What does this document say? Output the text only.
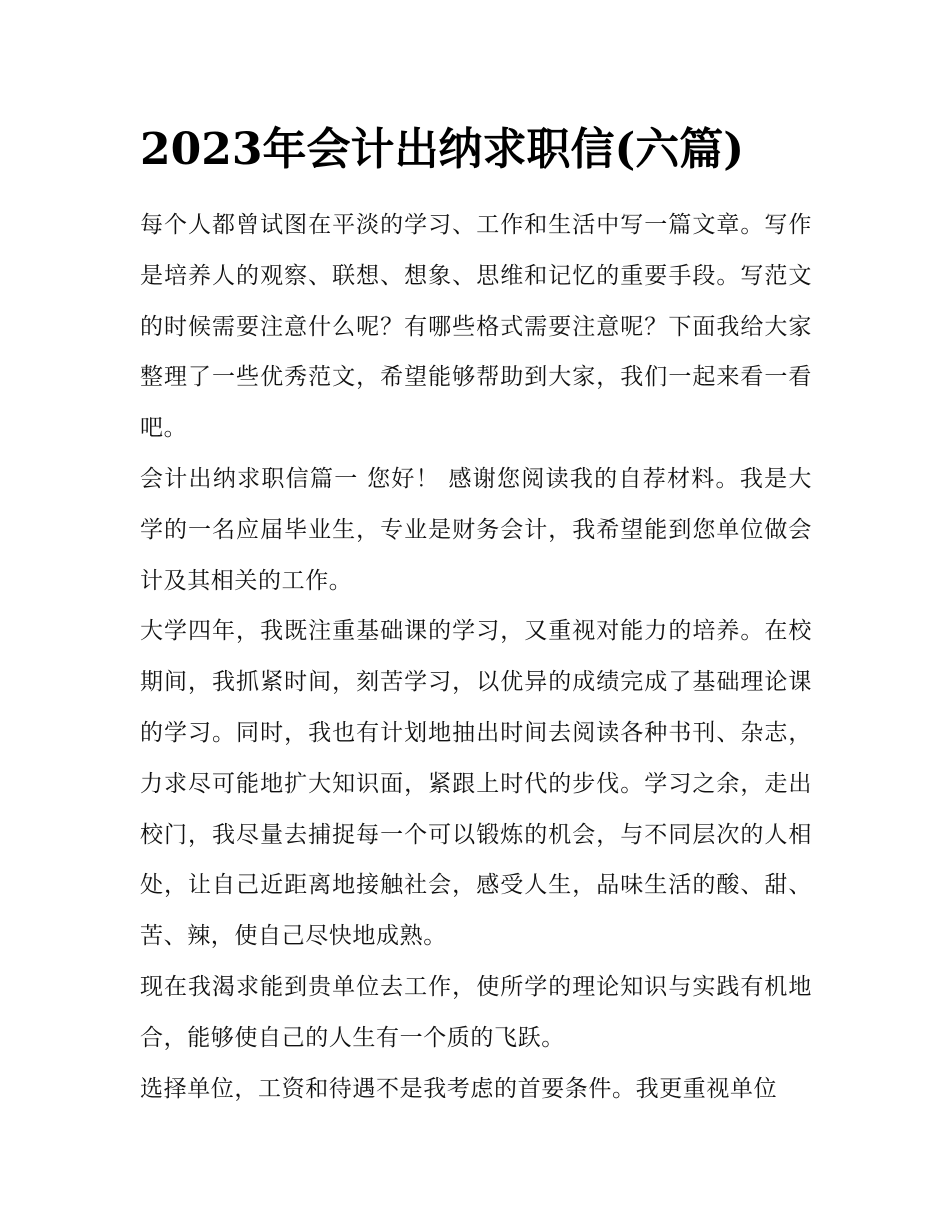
2023年会计出纳求职信(六篇)

每个人都曾试图在平淡的学习、工作和生活中写一篇文章。写作是培养人的观察、联想、想象、思维和记忆的重要手段。写范文的时候需要注意什么呢？有哪些格式需要注意呢？下面我给大家整理了一些优秀范文，希望能够帮助到大家，我们一起来看一看吧。

会计出纳求职信篇一 您好！ 感谢您阅读我的自荐材料。我是大学的一名应届毕业生，专业是财务会计，我希望能到您单位做会计及其相关的工作。

大学四年，我既注重基础课的学习，又重视对能力的培养。在校期间，我抓紧时间，刻苦学习，以优异的成绩完成了基础理论课的学习。同时，我也有计划地抽出时间去阅读各种书刊、杂志，力求尽可能地扩大知识面，紧跟上时代的步伐。学习之余，走出校门，我尽量去捕捉每一个可以锻炼的机会，与不同层次的人相处，让自己近距离地接触社会，感受人生，品味生活的酸、甜、苦、辣，使自己尽快地成熟。

现在我渴求能到贵单位去工作，使所学的理论知识与实践有机地合，能够使自己的人生有一个质的飞跃。

选择单位，工资和待遇不是我考虑的首要条件。我更重视单位
